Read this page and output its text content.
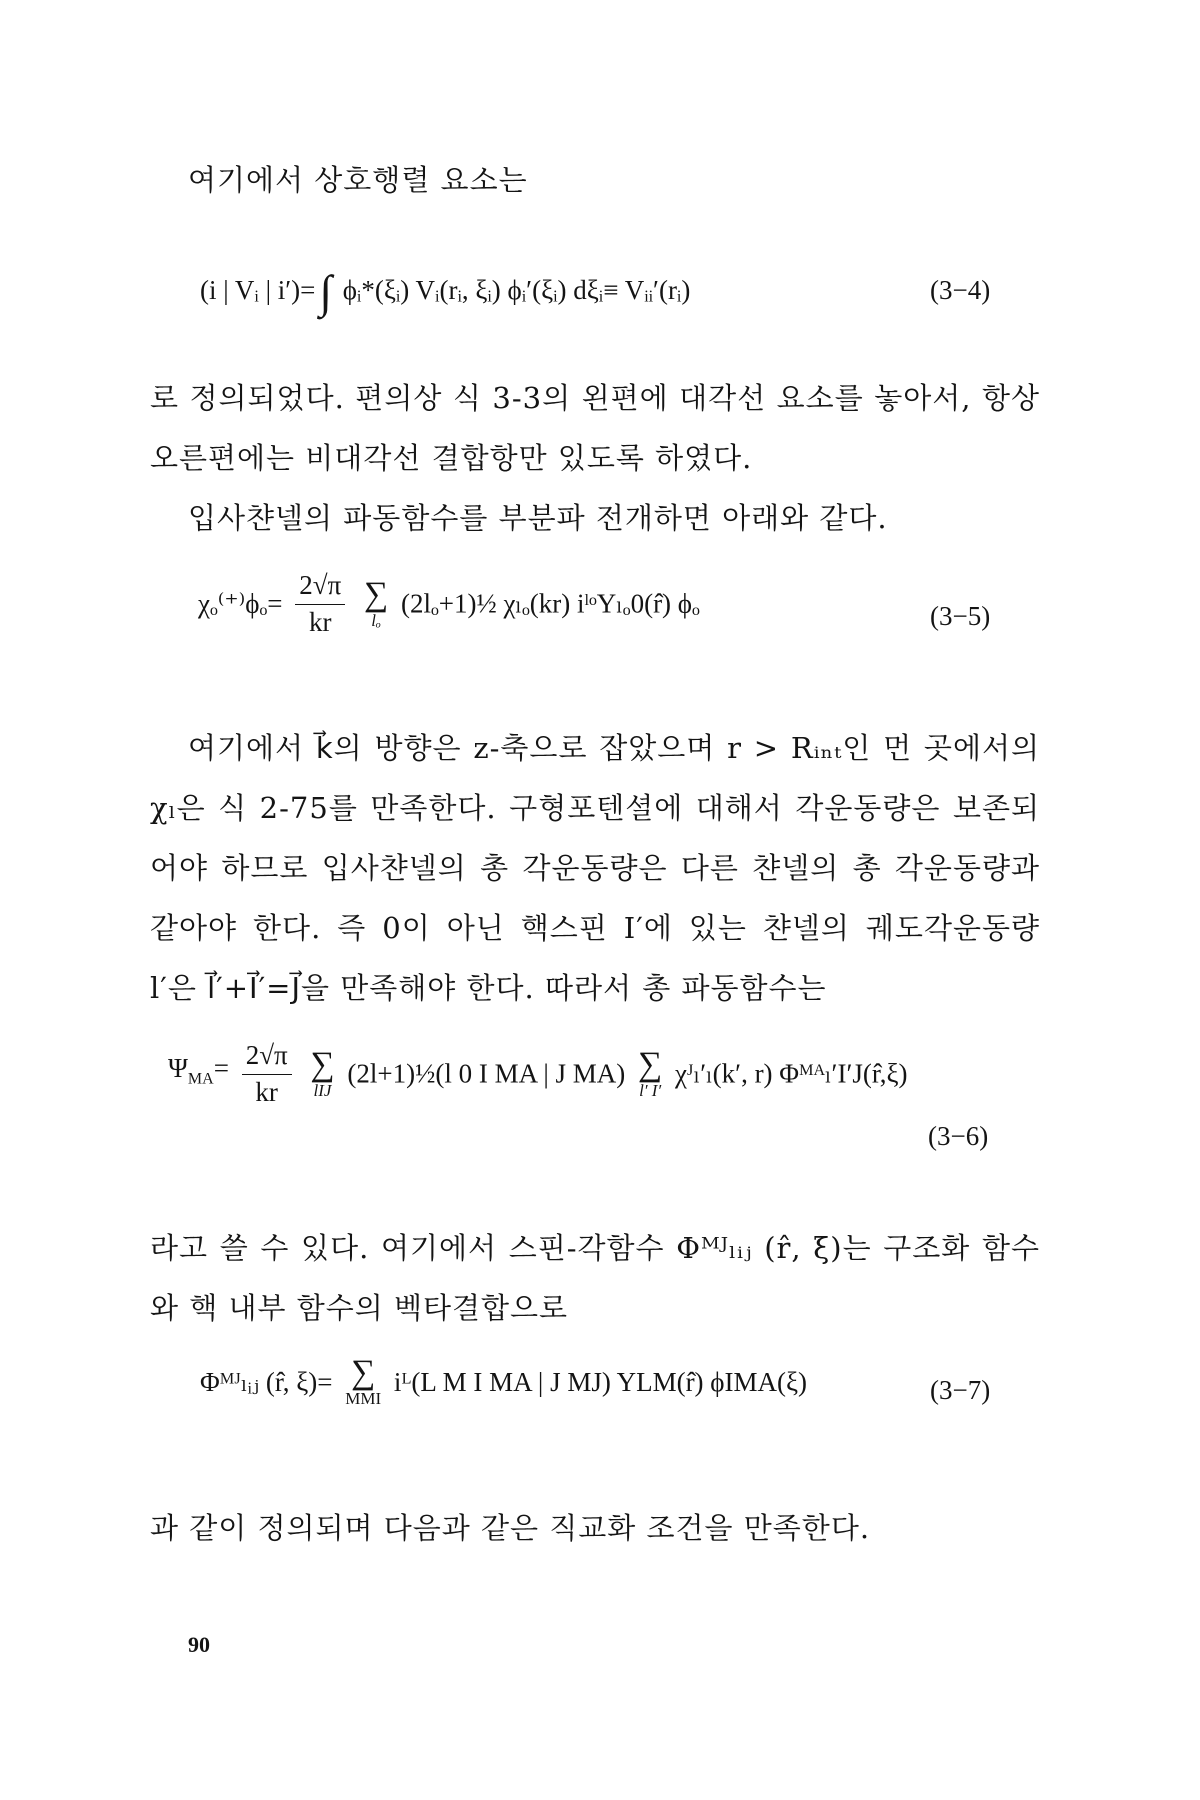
여기에서 상호행렬 요소는
(i | Vᵢ | i′)=∫ ϕᵢ*(ξᵢ) Vᵢ(rᵢ, ξᵢ) ϕᵢ′(ξᵢ) dξᵢ≡ Vᵢᵢ′(rᵢ)	(3−4)
로 정의되었다. 편의상 식 3-3의 왼편에 대각선 요소를 놓아서, 항상
오른편에는 비대각선 결합항만 있도록 하였다.
입사챤넬의 파동함수를 부분파 전개하면 아래와 같다.
$\chi_o^{(+)}\phi_o= \frac{2√\pi}{kr}$
∑
lₒ
(2lₒ+1)½ χₗₒ(kr) iˡᵒYₗₒ0(r̂) ϕₒ	(3−5)
여기에서 k⃗의 방향은 z-축으로 잡았으며 r > Rᵢₙₜ인 먼 곳에서의
χₗ은 식 2-75를 만족한다. 구형포텐셜에 대해서 각운동량은 보존되
어야 하므로 입사챤넬의 총 각운동량은 다른 챤넬의 총 각운동량과
같아야 한다. 즉 0이 아닌 핵스핀 I′에 있는 챤넬의 궤도각운동량
l′은 l⃗′+I⃗′=J⃗을 만족해야 한다. 따라서 총 파동함수는
$\Psi_{MA}= \frac{2√\pi}{kr}$
∑
lIJ
(2l+1)½(l 0 I MA | J MA) ∑
l′ I′
χᴶₗ′ₗ(k′, r) Φᴹᴬₗ′I′J(r̂,ξ)
(3−6)
라고 쓸 수 있다. 여기에서 스핀-각함수 Φᴹᴶₗᵢⱼ (r̂, ξ)는 구조화 함수
와 핵 내부 함수의 벡타결합으로
Φᴹᴶₗᵢⱼ (r̂, ξ)= ∑
MMI
iᴸ(L M I MA | J MJ) YLM(r̂) ϕIMA(ξ)	(3−7)
과 같이 정의되며 다음과 같은 직교화 조건을 만족한다.
90
